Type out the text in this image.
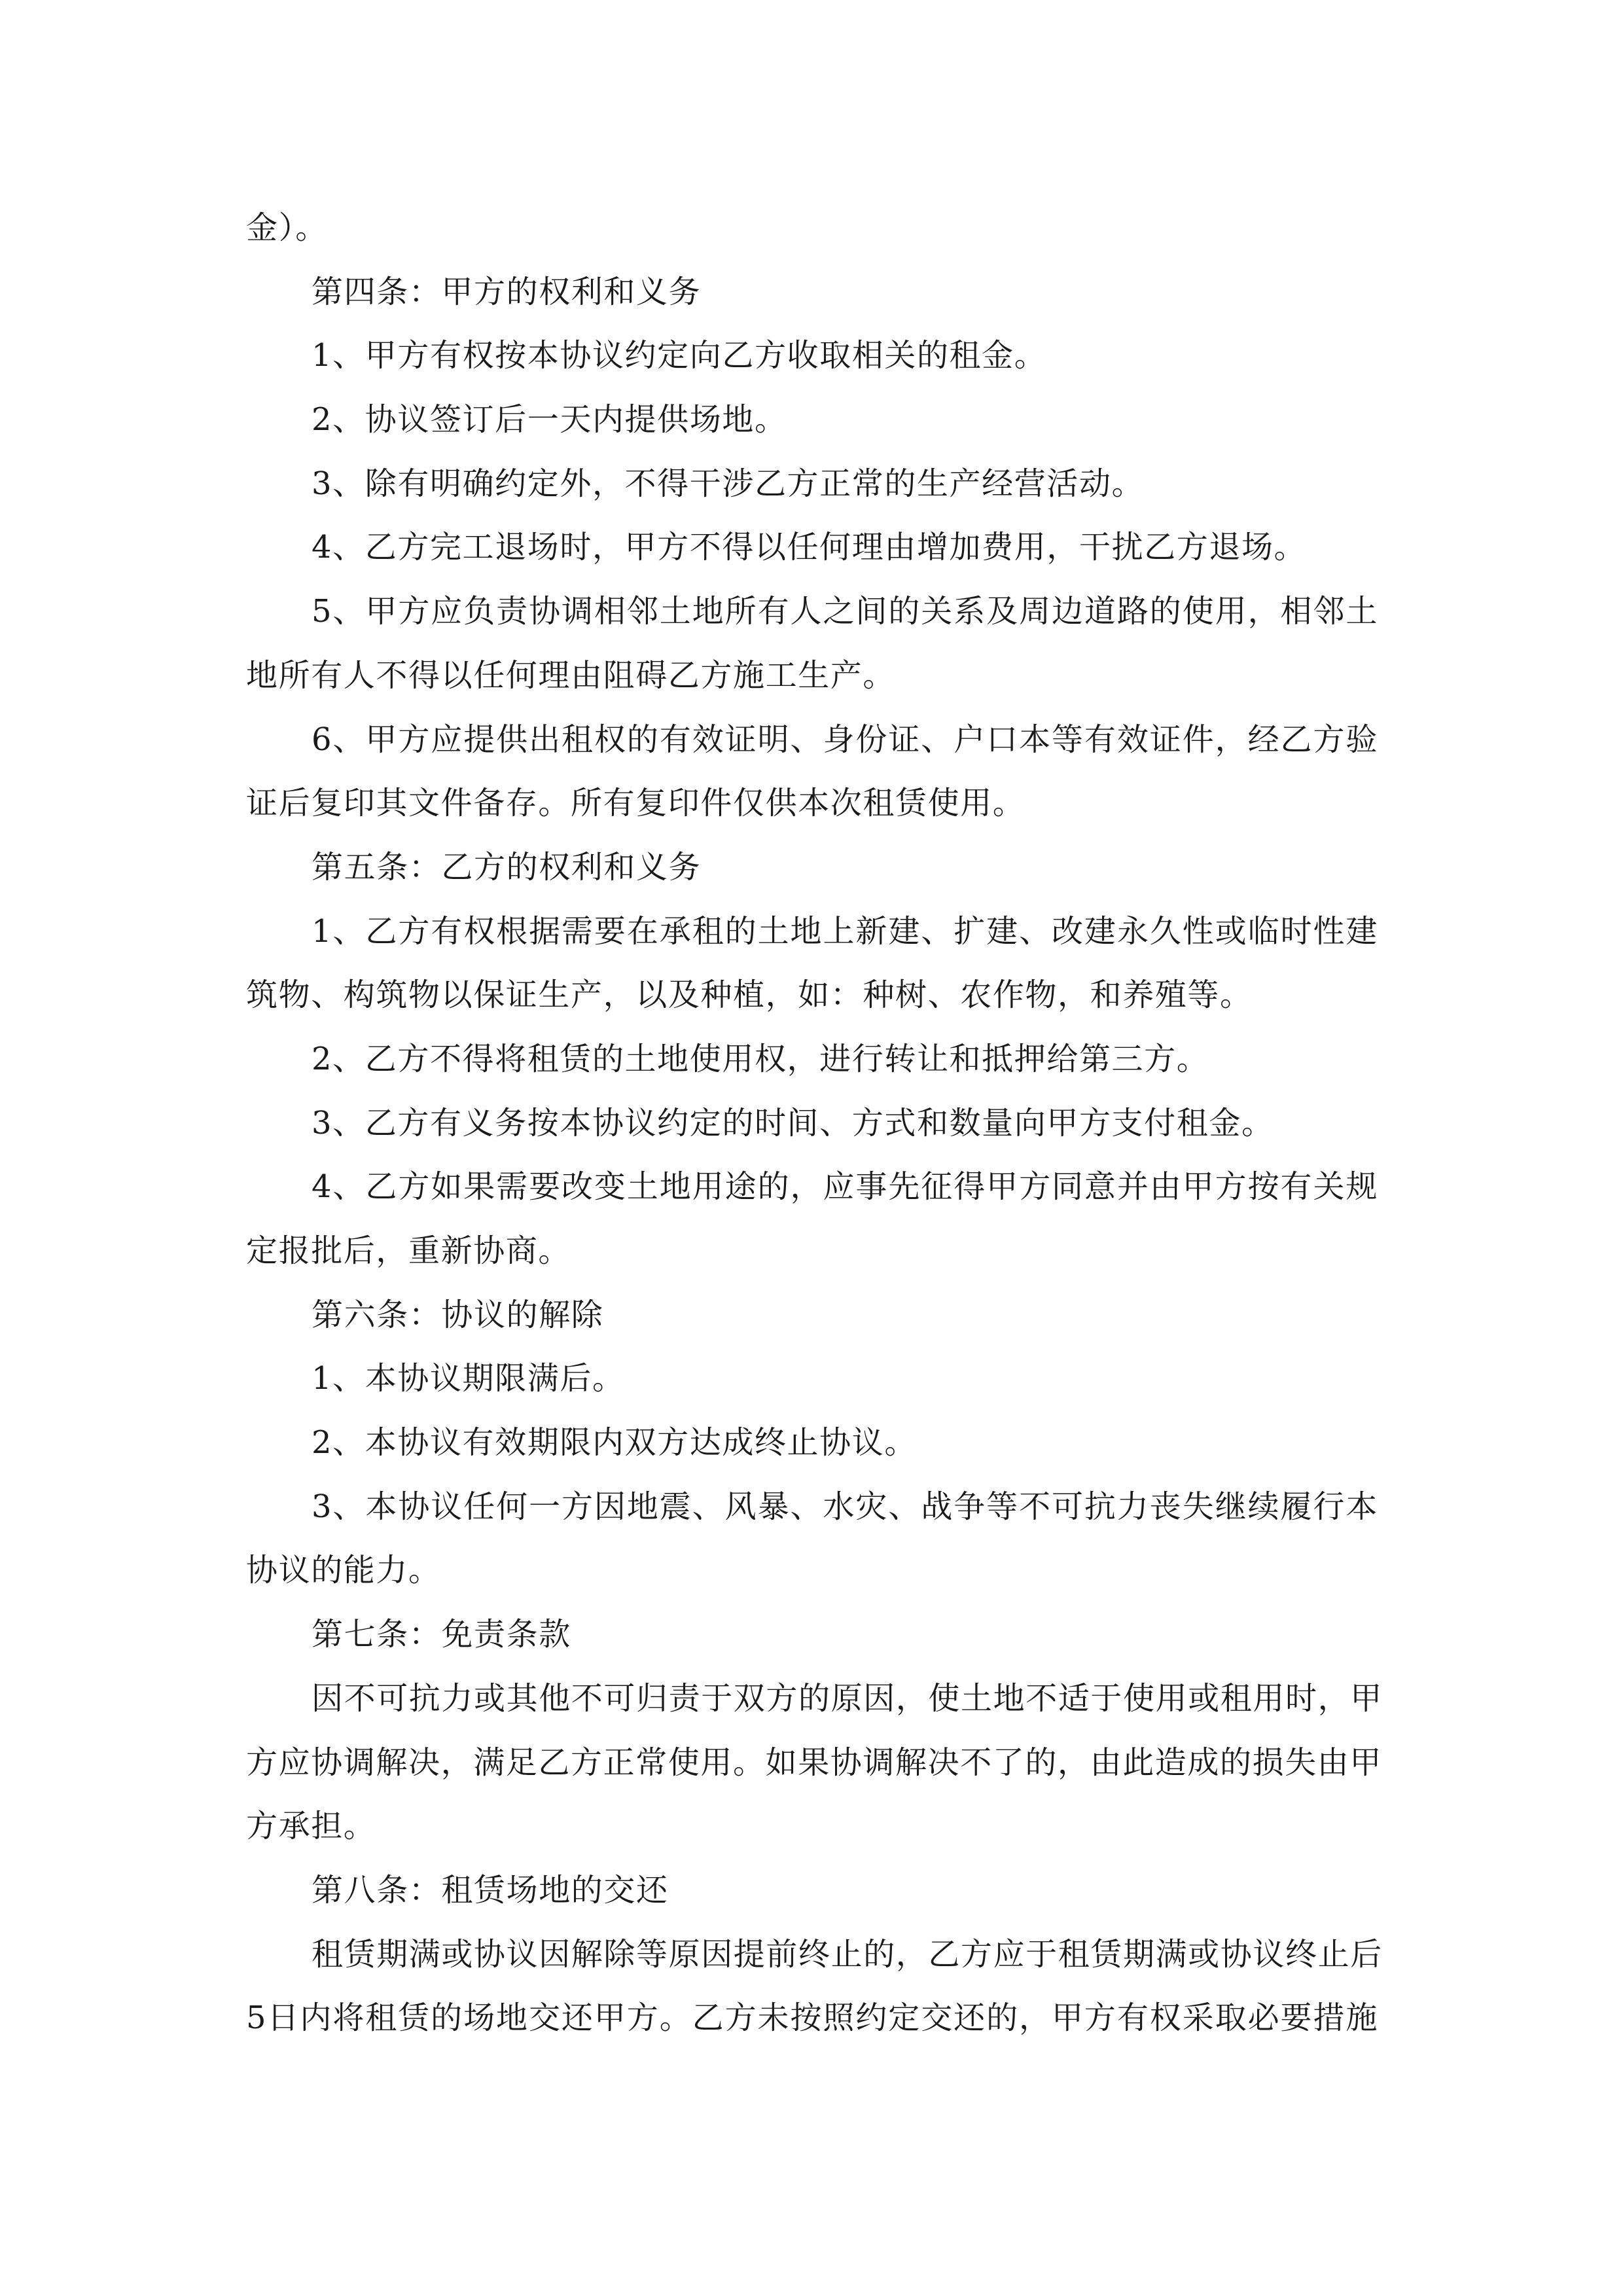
金）。
第四条：甲方的权利和义务
1、甲方有权按本协议约定向乙方收取相关的租金。
2、协议签订后一天内提供场地。
3、除有明确约定外，不得干涉乙方正常的生产经营活动。
4、乙方完工退场时，甲方不得以任何理由增加费用，干扰乙方退场。
5、甲方应负责协调相邻土地所有人之间的关系及周边道路的使用，相邻土
地所有人不得以任何理由阻碍乙方施工生产。
6、甲方应提供出租权的有效证明、身份证、户口本等有效证件，经乙方验
证后复印其文件备存。所有复印件仅供本次租赁使用。
第五条：乙方的权利和义务
1、乙方有权根据需要在承租的土地上新建、扩建、改建永久性或临时性建
筑物、构筑物以保证生产，以及种植，如：种树、农作物，和养殖等。
2、乙方不得将租赁的土地使用权，进行转让和抵押给第三方。
3、乙方有义务按本协议约定的时间、方式和数量向甲方支付租金。
4、乙方如果需要改变土地用途的，应事先征得甲方同意并由甲方按有关规
定报批后，重新协商。
第六条：协议的解除
1、本协议期限满后。
2、本协议有效期限内双方达成终止协议。
3、本协议任何一方因地震、风暴、水灾、战争等不可抗力丧失继续履行本
协议的能力。
第七条：免责条款
因不可抗力或其他不可归责于双方的原因，使土地不适于使用或租用时，甲
方应协调解决，满足乙方正常使用。如果协调解决不了的，由此造成的损失由甲
方承担。
第八条：租赁场地的交还
租赁期满或协议因解除等原因提前终止的，乙方应于租赁期满或协议终止后
5日内将租赁的场地交还甲方。乙方未按照约定交还的，甲方有权采取必要措施
